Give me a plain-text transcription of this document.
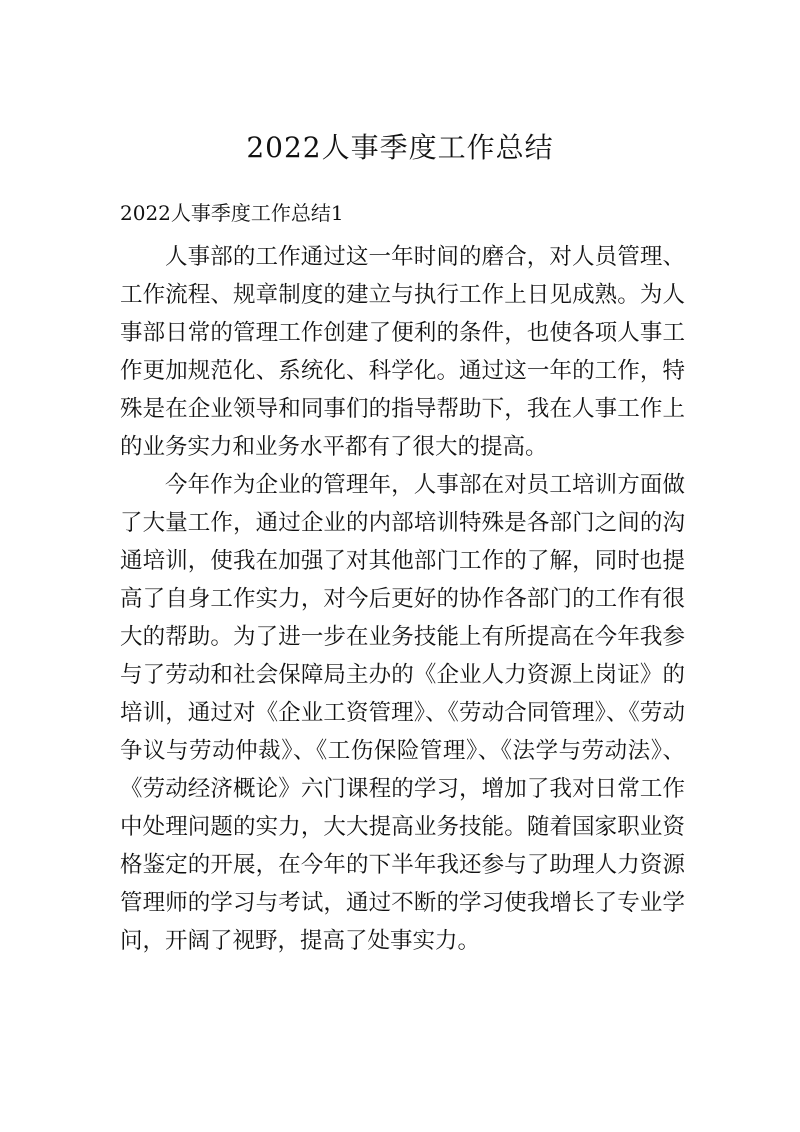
2022人事季度工作总结
2022人事季度工作总结1

人事部的工作通过这一年时间的磨合，对人员管理、工作流程、规章制度的建立与执行工作上日见成熟。为人事部日常的管理工作创建了便利的条件，也使各项人事工作更加规范化、系统化、科学化。通过这一年的工作，特殊是在企业领导和同事们的指导帮助下，我在人事工作上的业务实力和业务水平都有了很大的提高。

今年作为企业的管理年，人事部在对员工培训方面做了大量工作，通过企业的内部培训特殊是各部门之间的沟通培训，使我在加强了对其他部门工作的了解，同时也提高了自身工作实力，对今后更好的协作各部门的工作有很大的帮助。为了进一步在业务技能上有所提高在今年我参与了劳动和社会保障局主办的《企业人力资源上岗证》的培训，通过对《企业工资管理》、《劳动合同管理》、《劳动争议与劳动仲裁》、《工伤保险管理》、《法学与劳动法》、《劳动经济概论》六门课程的学习，增加了我对日常工作中处理问题的实力，大大提高业务技能。随着国家职业资格鉴定的开展，在今年的下半年我还参与了助理人力资源管理师的学习与考试，通过不断的学习使我增长了专业学问，开阔了视野，提高了处事实力。
